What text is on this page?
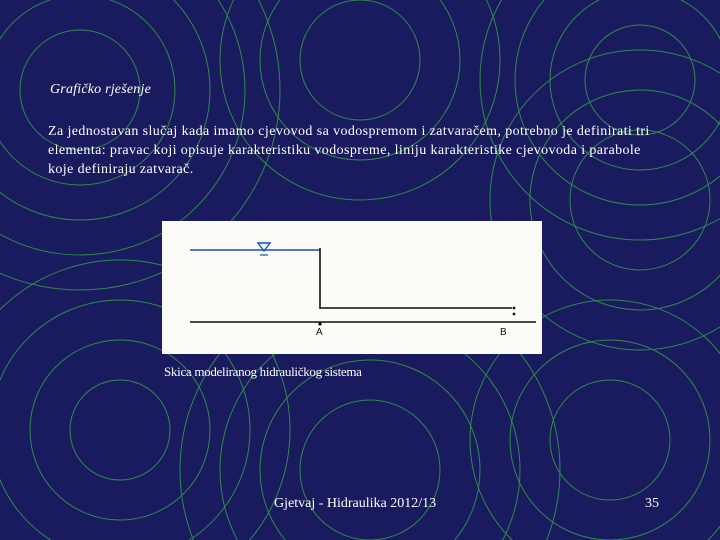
Grafičko rješenje
Za jednostavan slučaj kada imamo cjevovod sa vodospremom i zatvaračem, potrebno je definirati tri elementa: pravac koji opisuje karakteristiku vodospreme, liniju karakteristike cjevovoda i parabole koje definiraju zatvarač.
A	B
Skica modeliranog hidrauličkog sistema
Gjetvaj - Hidraulika 2012/13	35
